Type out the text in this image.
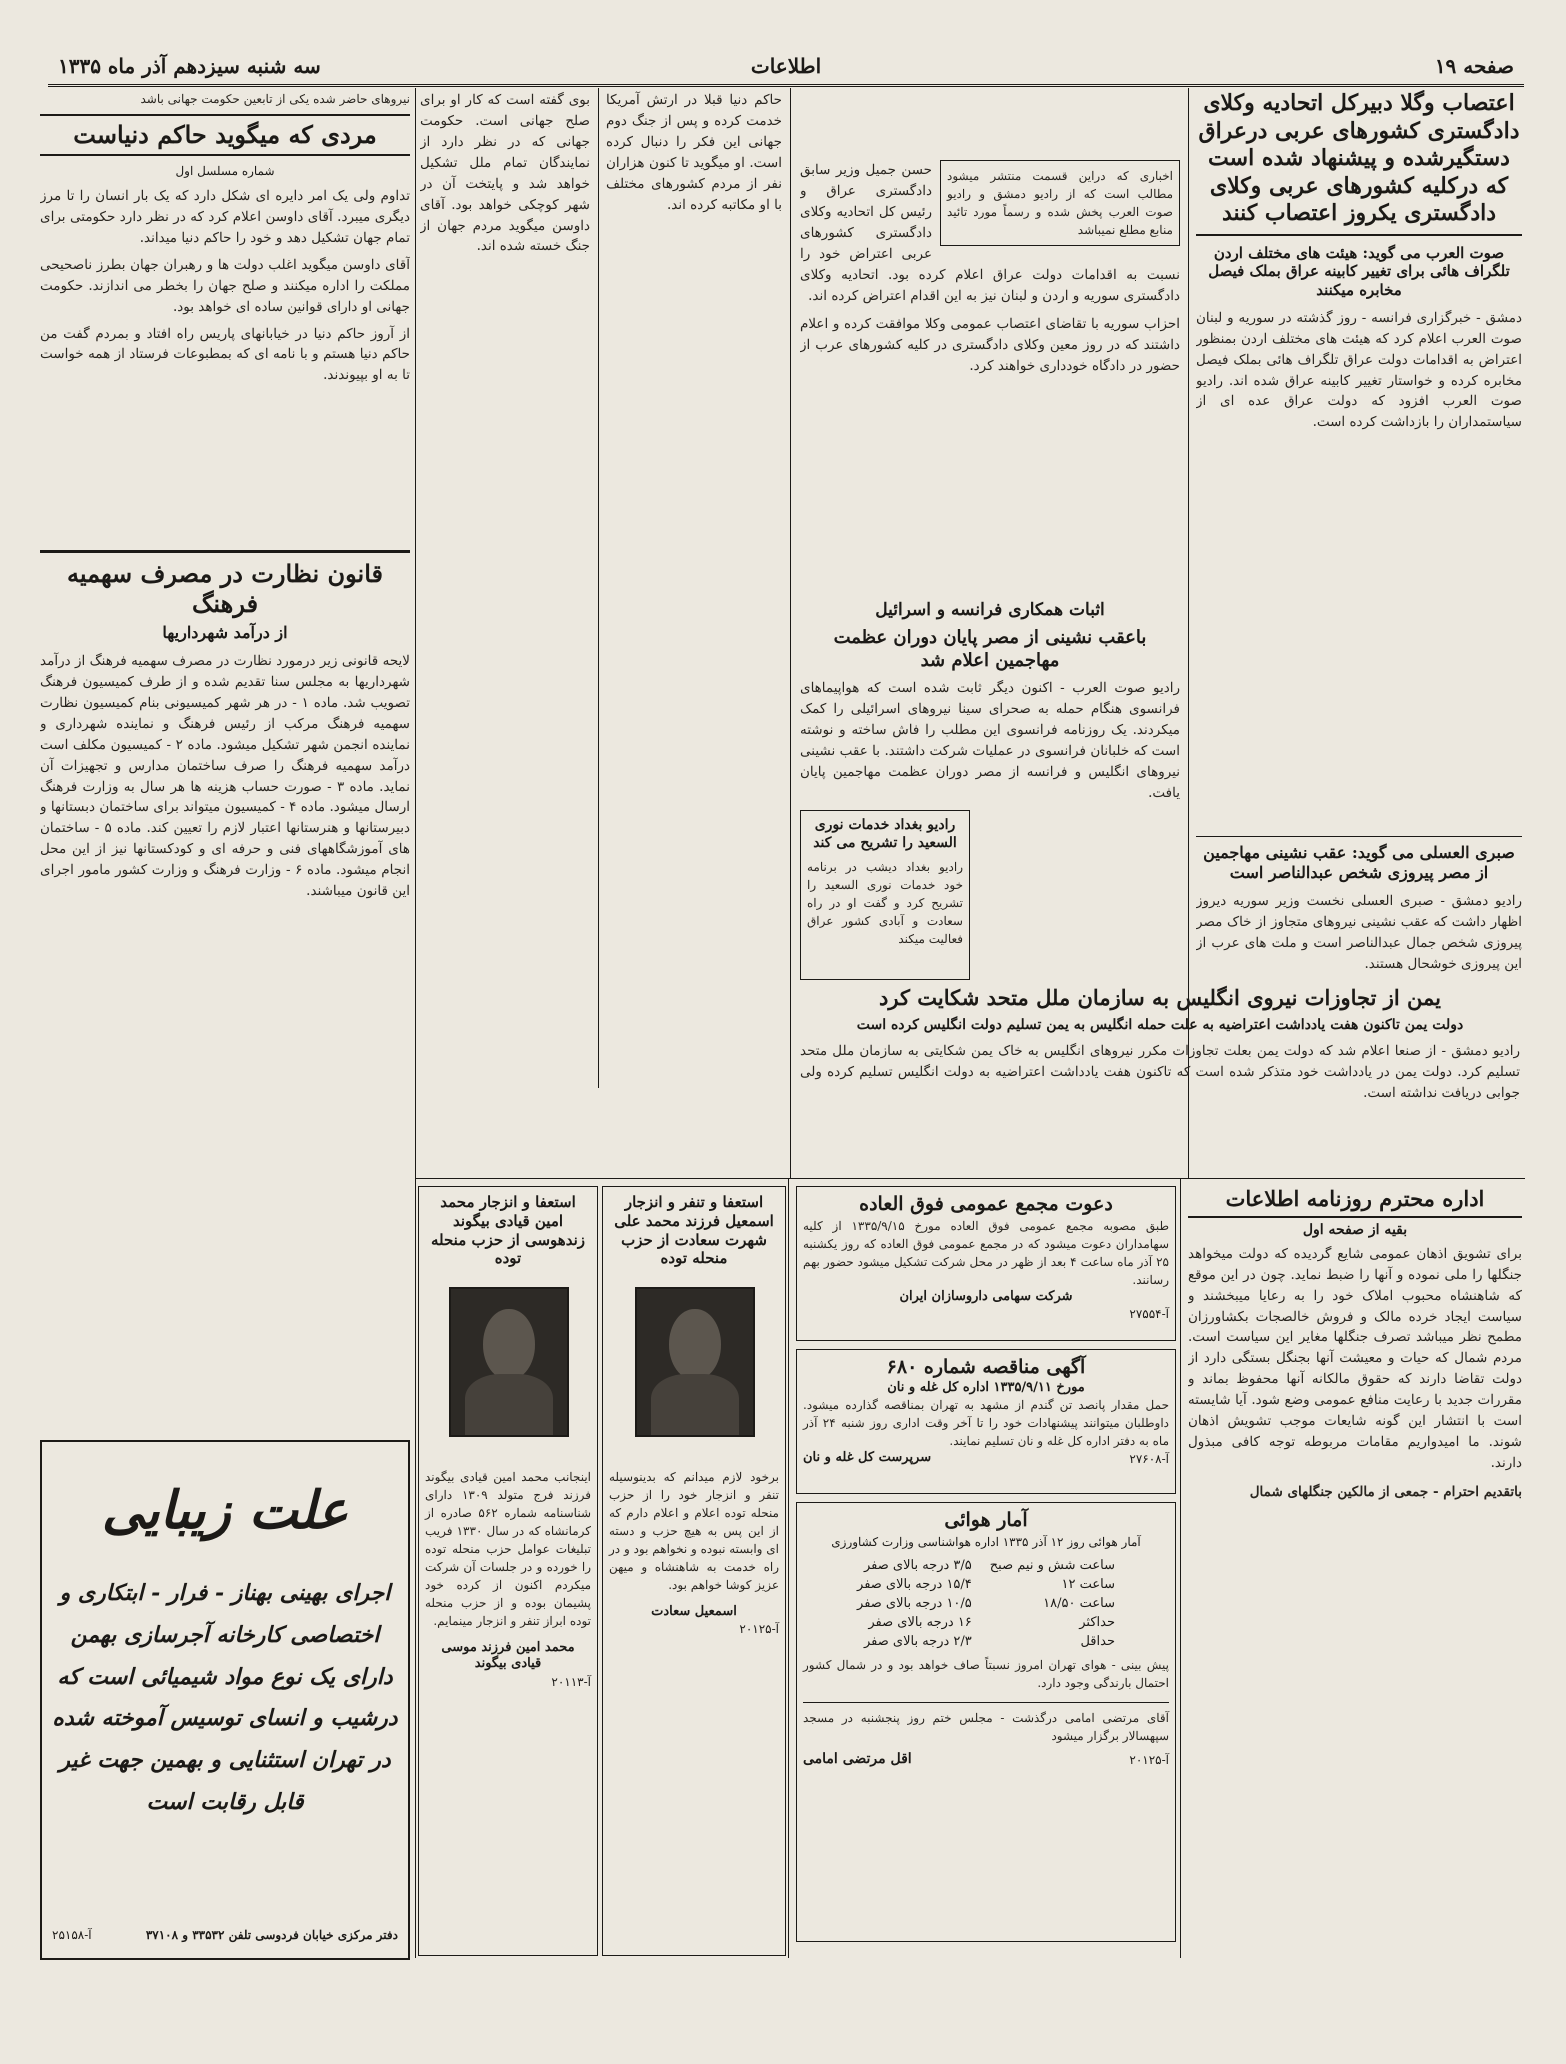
سه شنبه سیزدهم آذر ماه ۱۳۳۵	اطلاعات	صفحه ۱۹
اعتصاب وگلا دبیرکل اتحادیه وکلای دادگستری کشورهای عربی درعراق دستگیرشده و پیشنهاد شده است که درکلیه کشورهای عربی وکلای دادگستری یکروز اعتصاب کنند
صوت العرب می گوید: هیئت های مختلف اردن تلگراف هائی برای تغییر کابینه عراق بملک فیصل مخابره میکنند
دمشق - خبرگزاری فرانسه - روز گذشته در سوریه و لبنان صوت العرب اعلام کرد که هیئت های مختلف اردن بمنظور اعتراض به اقدامات دولت عراق تلگراف هائی بملک فیصل مخابره کرده و خواستار تغییر کابینه عراق شده اند. رادیو صوت العرب افزود که دولت عراق عده ای از سیاستمداران را بازداشت کرده است.
صبری العسلی می گوید: عقب نشینی مهاجمین از مصر پیروزی شخص عبدالناصر است
رادیو دمشق - صبری العسلی نخست وزیر سوریه دیروز اظهار داشت که عقب نشینی نیروهای متجاوز از خاک مصر پیروزی شخص جمال عبدالناصر است و ملت های عرب از این پیروزی خوشحال هستند.
اخباری که دراین قسمت منتشر میشود مطالب است که از رادیو دمشق و رادیو صوت العرب پخش شده و رسماً مورد تائید منابع مطلع نمیباشد
حسن جمیل وزیر سابق دادگستری عراق و رئیس کل اتحادیه وکلای دادگستری کشورهای عربی اعتراض خود را نسبت به اقدامات دولت عراق اعلام کرده بود. اتحادیه وکلای دادگستری سوریه و اردن و لبنان نیز به این اقدام اعتراض کرده اند.
احزاب سوریه با تقاضای اعتصاب عمومی وکلا موافقت کرده و اعلام داشتند که در روز معین وکلای دادگستری در کلیه کشورهای عرب از حضور در دادگاه خودداری خواهند کرد.
اثبات همکاری فرانسه و اسرائیل
باعقب نشینی از مصر پایان دوران عظمت مهاجمین اعلام شد
رادیو صوت العرب - اکنون دیگر ثابت شده است که هواپیماهای فرانسوی هنگام حمله به صحرای سینا نیروهای اسرائیلی را کمک میکردند. یک روزنامه فرانسوی این مطلب را فاش ساخته و نوشته است که خلبانان فرانسوی در عملیات شرکت داشتند. با عقب نشینی نیروهای انگلیس و فرانسه از مصر دوران عظمت مهاجمین پایان یافت.
رادیو بغداد خدمات نوری السعید را تشریح می کند
رادیو بغداد دیشب در برنامه خود خدمات نوری السعید را تشریح کرد و گفت او در راه سعادت و آبادی کشور عراق فعالیت میکند
یمن از تجاوزات نیروی انگلیس به سازمان ملل متحد شکایت کرد
دولت یمن تاکنون هفت یادداشت اعتراضیه به علت حمله انگلیس به یمن تسلیم دولت انگلیس کرده است
رادیو دمشق - از صنعا اعلام شد که دولت یمن بعلت تجاوزات مکرر نیروهای انگلیس به خاک یمن شکایتی به سازمان ملل متحد تسلیم کرد. دولت یمن در یادداشت خود متذکر شده است که تاکنون هفت یادداشت اعتراضیه به دولت انگلیس تسلیم کرده ولی جوابی دریافت نداشته است.
بوی گفته است که کار او برای صلح جهانی است. حکومت جهانی که در نظر دارد از نمایندگان تمام ملل تشکیل خواهد شد و پایتخت آن در شهر کوچکی خواهد بود. آقای داوسن میگوید مردم جهان از جنگ خسته شده اند.
حاکم دنیا قبلا در ارتش آمریکا خدمت کرده و پس از جنگ دوم جهانی این فکر را دنبال کرده است. او میگوید تا کنون هزاران نفر از مردم کشورهای مختلف با او مکاتبه کرده اند.
نیروهای حاضر شده یکی از تابعین حکومت جهانی باشد
مردی که میگوید حاکم دنیاست
شماره مسلسل اول
تداوم ولی یک امر دایره ای شکل دارد که یک بار انسان را تا مرز دیگری میبرد. آقای داوسن اعلام کرد که در نظر دارد حکومتی برای تمام جهان تشکیل دهد و خود را حاکم دنیا میداند.
آقای داوسن میگوید اغلب دولت ها و رهبران جهان بطرز ناصحیحی مملکت را اداره میکنند و صلح جهان را بخطر می اندازند. حکومت جهانی او دارای قوانین ساده ای خواهد بود.
از آروز حاکم دنیا در خیابانهای پاریس راه افتاد و بمردم گفت من حاکم دنیا هستم و با نامه ای که بمطبوعات فرستاد از همه خواست تا به او بپیوندند.
قانون نظارت در مصرف سهمیه فرهنگ
از درآمد شهرداریها
لایحه قانونی زیر درمورد نظارت در مصرف سهمیه فرهنگ از درآمد شهرداریها به مجلس سنا تقدیم شده و از طرف کمیسیون فرهنگ تصویب شد. ماده ۱ - در هر شهر کمیسیونی بنام کمیسیون نظارت سهمیه فرهنگ مرکب از رئیس فرهنگ و نماینده شهرداری و نماینده انجمن شهر تشکیل میشود. ماده ۲ - کمیسیون مکلف است درآمد سهمیه فرهنگ را صرف ساختمان مدارس و تجهیزات آن نماید. ماده ۳ - صورت حساب هزینه ها هر سال به وزارت فرهنگ ارسال میشود. ماده ۴ - کمیسیون میتواند برای ساختمان دبستانها و دبیرستانها و هنرستانها اعتبار لازم را تعیین کند. ماده ۵ - ساختمان های آموزشگاههای فنی و حرفه ای و کودکستانها نیز از این محل انجام میشود. ماده ۶ - وزارت فرهنگ و وزارت کشور مامور اجرای این قانون میباشند.
علت زیبایی
اجرای بهینی بهناز - فرار - ابتکاری و اختصاصی کارخانه آجرسازی بهمن دارای یک نوع مواد شیمیائی است که درشیب و انسای توسیس آموخته شده در تهران استثنایی و بهمین جهت غیر قابل رقابت است
دفتر مرکزی خیابان فردوسی تلفن ۳۳۵۳۲ و ۳۷۱۰۸
آ-۲۵۱۵۸
استعفا و انزجار محمد امین قیادی بیگوند زندهوسی از حزب منحله توده
اینجانب محمد امین قیادی بیگوند فرزند فرج متولد ۱۳۰۹ دارای شناسنامه شماره ۵۶۲ صادره از کرمانشاه که در سال ۱۳۳۰ فریب تبلیغات عوامل حزب منحله توده را خورده و در جلسات آن شرکت میکردم اکنون از کرده خود پشیمان بوده و از حزب منحله توده ابراز تنفر و انزجار مینمایم.
محمد امین فرزند موسی قیادی بیگوند
آ-۲۰۱۱۳
استعفا و تنفر و انزجار اسمعیل فرزند محمد علی شهرت سعادت از حزب منحله توده
برخود لازم میدانم که بدینوسیله تنفر و انزجار خود را از حزب منحله توده اعلام و اعلام دارم که از این پس به هیچ حزب و دسته ای وابسته نبوده و نخواهم بود و در راه خدمت به شاهنشاه و میهن عزیز کوشا خواهم بود.
اسمعیل سعادت
آ-۲۰۱۲۵
دعوت مجمع عمومی فوق العاده
طبق مصوبه مجمع عمومی فوق العاده مورخ ۱۳۳۵/۹/۱۵ از کلیه سهامداران دعوت میشود که در مجمع عمومی فوق العاده که روز یکشنبه ۲۵ آذر ماه ساعت ۴ بعد از ظهر در محل شرکت تشکیل میشود حضور بهم رسانند.
شرکت سهامی داروسازان ایران
آ-۲۷۵۵۴
آگهی مناقصه شماره ۶۸۰
مورخ ۱۳۳۵/۹/۱۱ اداره کل غله و نان
حمل مقدار پانصد تن گندم از مشهد به تهران بمناقصه گذارده میشود. داوطلبان میتوانند پیشنهادات خود را تا آخر وقت اداری روز شنبه ۲۴ آذر ماه به دفتر اداره کل غله و نان تسلیم نمایند.
آ-۲۷۶۰۸
سرپرست کل غله و نان
آمار هوائی
آمار هوائی روز ۱۲ آذر ۱۳۳۵ اداره هواشناسی وزارت کشاورزی
ساعت شش و نیم صبح	۳/۵ درجه بالای صفر
ساعت ۱۲	۱۵/۴ درجه بالای صفر
ساعت ۱۸/۵۰	۱۰/۵ درجه بالای صفر
حداکثر	۱۶ درجه بالای صفر
حداقل	۲/۳ درجه بالای صفر
پیش بینی - هوای تهران امروز نسبتاً صاف خواهد بود و در شمال کشور احتمال بارندگی وجود دارد.
آقای مرتضی امامی درگذشت - مجلس ختم روز پنجشنبه در مسجد سپهسالار برگزار میشود
آ-۲۰۱۲۵
اقل مرتضی امامی
اداره محترم روزنامه اطلاعات
بقیه از صفحه اول
برای تشویق اذهان عمومی شایع گردیده که دولت میخواهد جنگلها را ملی نموده و آنها را ضبط نماید. چون در این موقع که شاهنشاه محبوب املاک خود را به رعایا میبخشند و سیاست ایجاد خرده مالک و فروش خالصجات بکشاورزان مطمح نظر میباشد تصرف جنگلها مغایر این سیاست است. مردم شمال که حیات و معیشت آنها بجنگل بستگی دارد از دولت تقاضا دارند که حقوق مالکانه آنها محفوظ بماند و مقررات جدید با رعایت منافع عمومی وضع شود. آیا شایسته است با انتشار این گونه شایعات موجب تشویش اذهان شوند. ما امیدواریم مقامات مربوطه توجه کافی مبذول دارند.
باتقدیم احترام - جمعی از مالکین جنگلهای شمال
